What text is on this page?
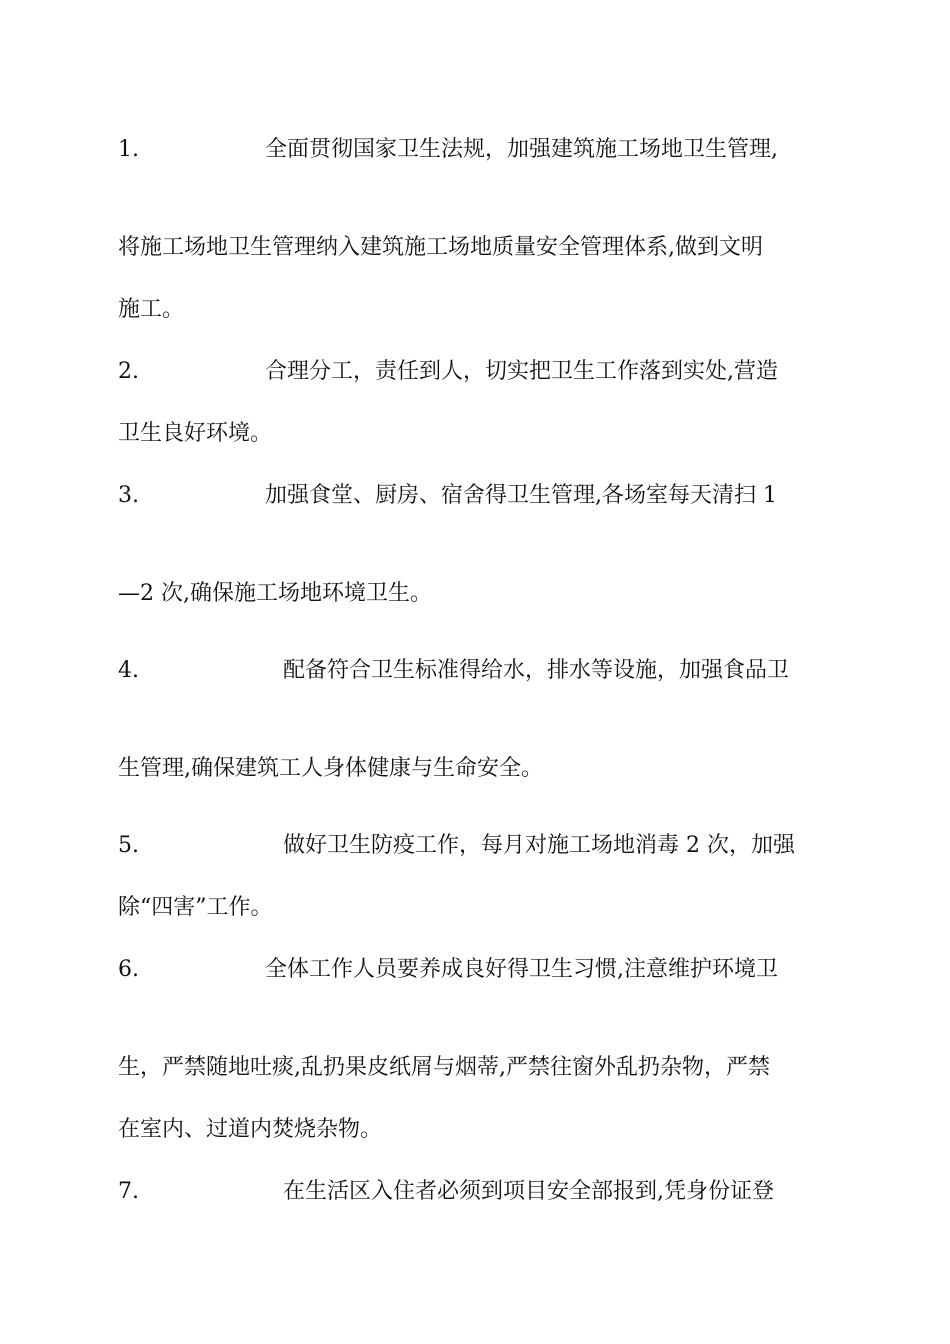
1.	全面贯彻国家卫生法规，加强建筑施工场地卫生管理,
将施工场地卫生管理纳入建筑施工场地质量安全管理体系,做到文明
施工。
2.	合理分工，责任到人，切实把卫生工作落到实处,营造
卫生良好环境。
3.	加强食堂、厨房、宿舍得卫生管理,各场室每天清扫 1
—2 次,确保施工场地环境卫生。
4.	配备符合卫生标准得给水，排水等设施，加强食品卫
生管理,确保建筑工人身体健康与生命安全。
5.	做好卫生防疫工作，每月对施工场地消毒 2 次，加强
除“四害”工作。
6.	全体工作人员要养成良好得卫生习惯,注意维护环境卫
生，严禁随地吐痰,乱扔果皮纸屑与烟蒂,严禁往窗外乱扔杂物，严禁
在室内、过道内焚烧杂物。
7.	在生活区入住者必须到项目安全部报到,凭身份证登
